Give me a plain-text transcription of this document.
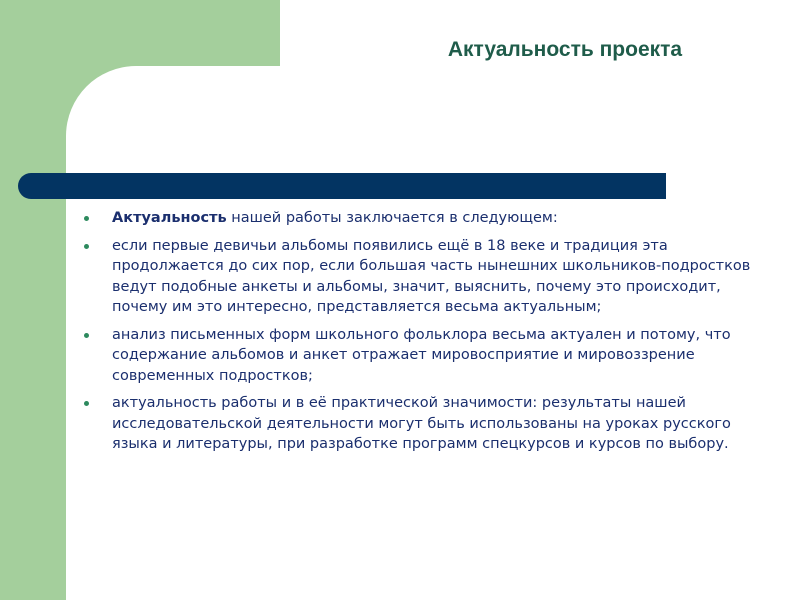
Актуальность проекта
Актуальность нашей работы заключается в следующем:
если первые девичьи альбомы появились ещё в 18 веке и традиция эта продолжается до сих пор, если большая часть нынешних школьников-подростков ведут подобные анкеты и альбомы, значит, выяснить, почему это происходит, почему им это интересно, представляется весьма актуальным;
анализ письменных форм школьного фольклора весьма актуален и потому, что содержание альбомов и анкет отражает мировосприятие и мировоззрение современных подростков;
актуальность работы и в её практической значимости: результаты нашей исследовательской деятельности могут быть использованы на уроках русского языка и литературы, при разработке программ спецкурсов и курсов по выбору.
